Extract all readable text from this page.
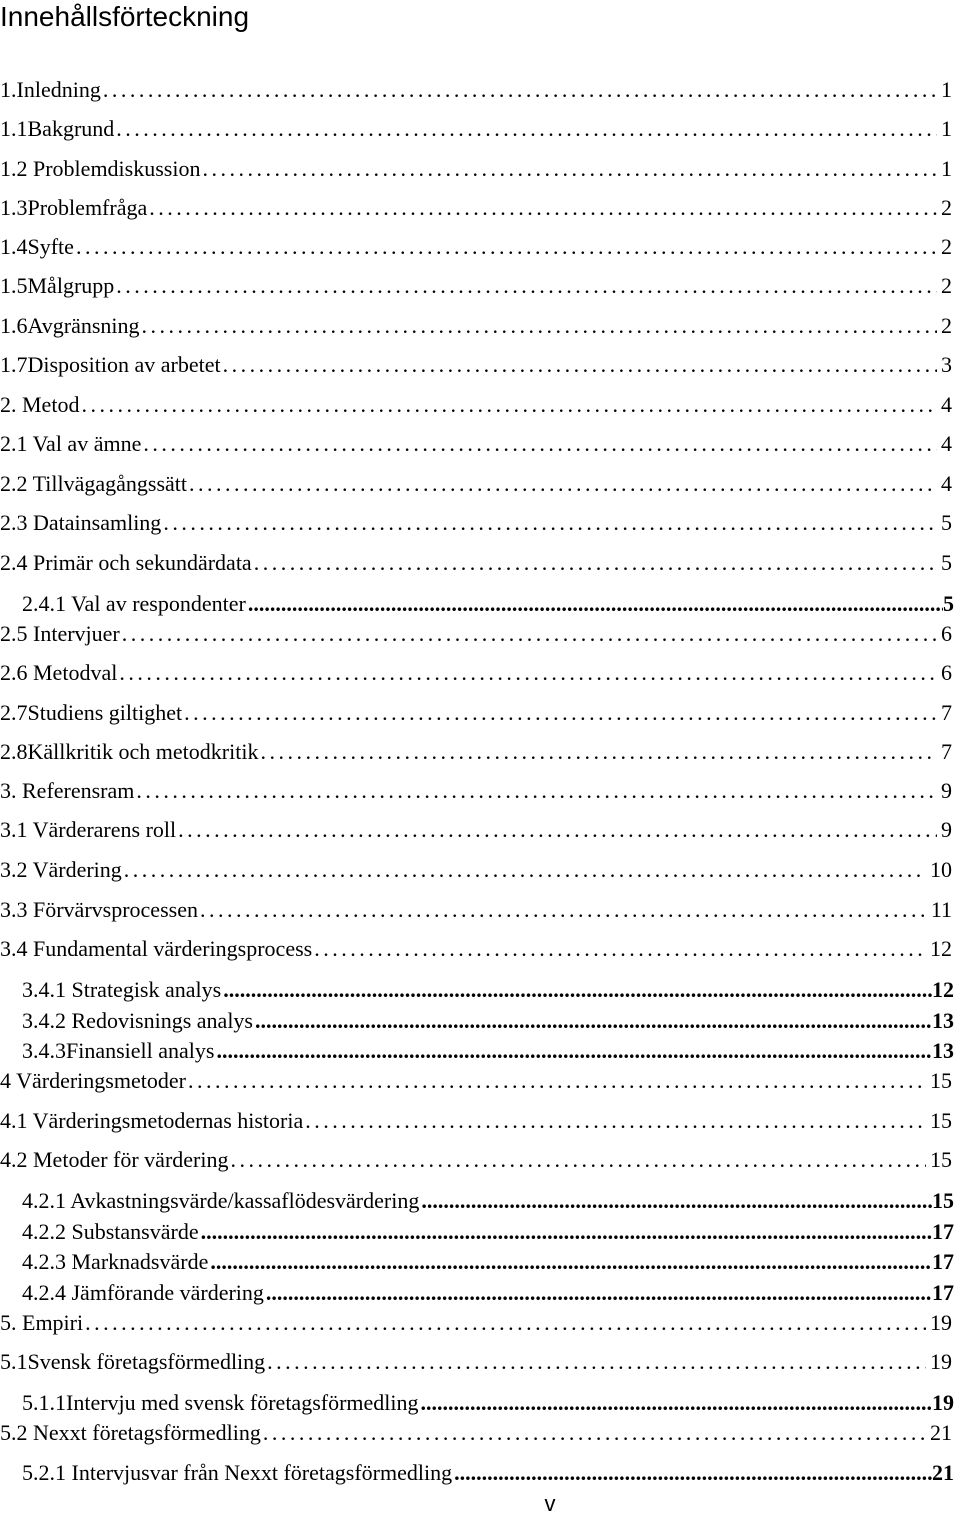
Innehållsförteckning
1.Inledning . . .	1
1.1Bakgrund . . .	1
1.2 Problemdiskussion . . .	1
1.3Problemfråga . . .	2
1.4Syfte . . .	2
1.5Målgrupp . . .	2
1.6Avgränsning . . .	2
1.7Disposition av arbetet . . .	3
2. Metod . . .	4
2.1 Val av ämne . . .	4
2.2 Tillvägagångssätt . . .	4
2.3 Datainsamling . . .	5
2.4 Primär och sekundärdata . . .	5
2.4.1 Val av respondenter .....	5
2.5 Intervjuer . . .	6
2.6 Metodval . . .	6
2.7Studiens giltighet . . .	7
2.8Källkritik och metodkritik . . .	7
3. Referensram . . .	9
3.1 Värderarens roll . . .	9
3.2 Värdering . . .	10
3.3 Förvärvsprocessen . . .	11
3.4 Fundamental värderingsprocess . . .	12
3.4.1 Strategisk analys .....	12
3.4.2 Redovisnings analys .....	13
3.4.3Finansiell analys .....	13
4 Värderingsmetoder . . .	15
4.1 Värderingsmetodernas historia . . .	15
4.2 Metoder för värdering . . .	15
4.2.1 Avkastningsvärde/kassaflödesvärdering .....	15
4.2.2 Substansvärde .....	17
4.2.3 Marknadsvärde .....	17
4.2.4 Jämförande värdering .....	17
5. Empiri . . .	19
5.1Svensk företagsförmedling . . .	19
5.1.1Intervju med svensk företagsförmedling .....	19
5.2 Nexxt företagsförmedling . . .	21
5.2.1 Intervjusvar från Nexxt företagsförmedling .....	21
v
